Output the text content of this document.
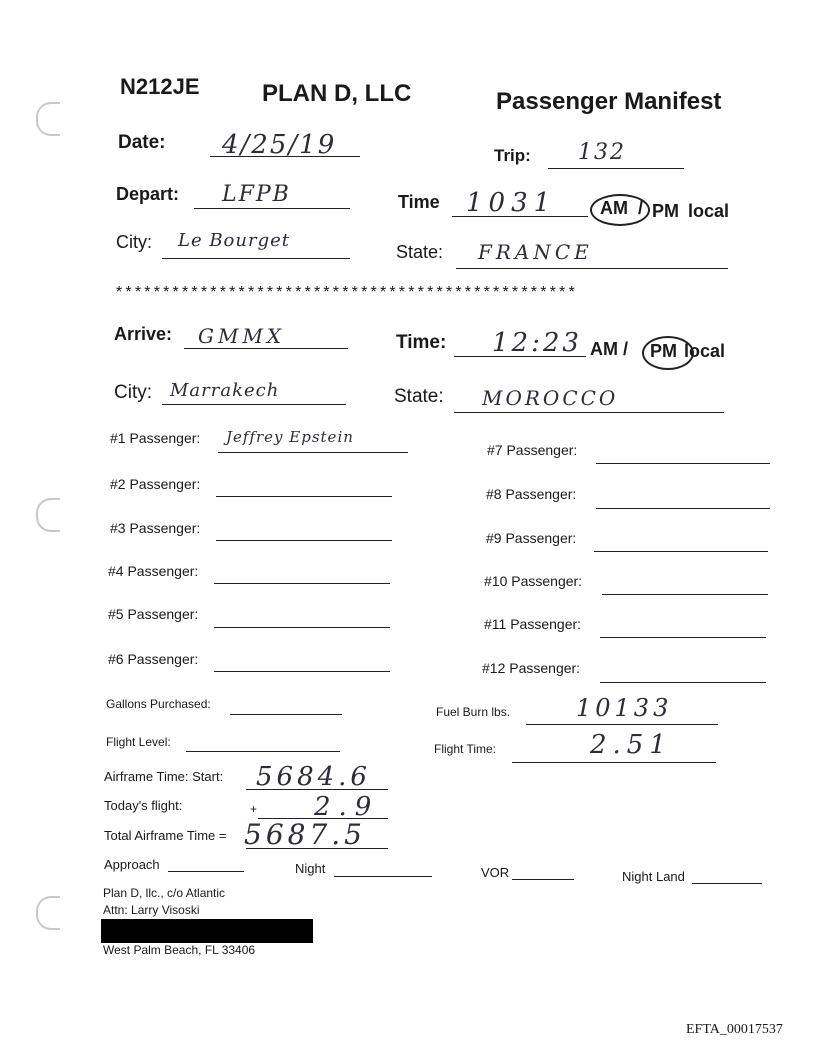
N212JE	PLAN D, LLC	Passenger Manifest
Date: 4/25/19	Trip: 132
Depart: LFPB	Time 1031 AM / PM local
City: Le Bourget
State: FRANCE
*************************************************
Arrive: GMMX	Time: 12:23 AM / PM local
City: Marrakech	State: MOROCCO
#1 Passenger: Jeffrey Epstein
#2 Passenger:
#3 Passenger:
#4 Passenger:
#5 Passenger:
#6 Passenger:
#7 Passenger:
#8 Passenger:
#9 Passenger:
#10 Passenger:
#11 Passenger:
#12 Passenger:
Gallons Purchased:
Fuel Burn lbs.	10133
Flight Level:	Flight Time:	2.51
Airframe Time: Start: 5684.6
Today's flight:	+ 2.9
Total Airframe Time = 5687.5
Approach	Night	VOR	Night Land
Plan D, llc., c/o Atlantic
Attn: Larry Visoski
West Palm Beach, FL 33406
EFTA_00017537
